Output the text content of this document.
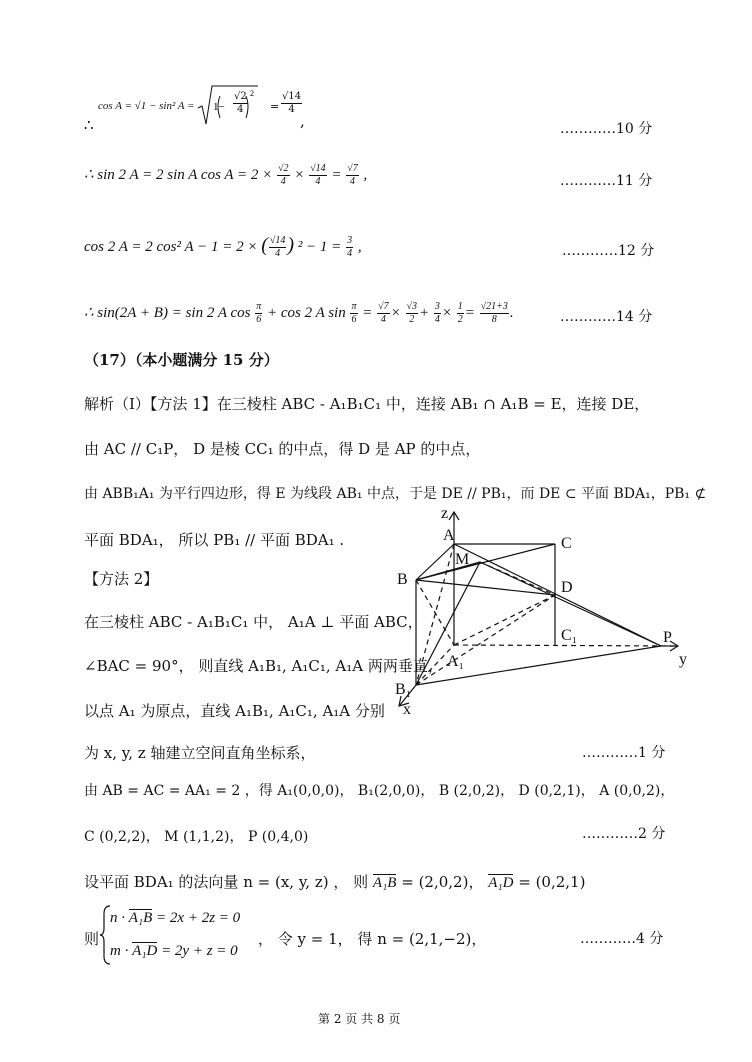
∴
cos A = √1 − sin² A =	$\frac{√2}{4} = \frac{√14}{4}$
,
2
1−
…………10 分
∴ sin 2 A = 2 sin A $\cos A = 2 \times \frac{√2}{4} \times \frac{√14}{4} = \frac{√7}{4}$ ,	…………11 分
cos 2 A = 2 cos² A − 1 = 2 × ( $\frac{√14}{4}$ ) $^2 - 1 = \frac{3}{4}$ ,	…………12 分
∴ sin(2A + B) = sin 2 A $\cos \frac{\pi}{6} + \cos 2$ A $\sin \frac{\pi}{6} = \frac{√7}{4} \times \frac{√3}{2} + \frac{3}{4} \times \frac{1}{2} = \frac{√21+3}{8}$ .	…………14 分
（17）（本小题满分 15 分）
解析（Ⅰ）【方法 1】在三棱柱 ABC - A₁B₁C₁ 中，连接 AB₁ ∩ A₁B = E，连接 DE，
由 AC // C₁P， D 是棱 CC₁ 的中点，得 D 是 AP 的中点，
由 ABB₁A₁ 为平行四边形，得 E 为线段 AB₁ 中点，于是 DE // PB₁，而 DE ⊂ 平面 BDA₁，PB₁ ⊄
平面 BDA₁， 所以 PB₁ // 平面 BDA₁ .
【方法 2】
在三棱柱 ABC - A₁B₁C₁ 中， A₁A ⊥ 平面 ABC，
∠BAC = 90°， 则直线 A₁B₁, A₁C₁, A₁A 两两垂直，
以点 A₁ 为原点，直线 A₁B₁, A₁C₁, A₁A 分别
为 x, y, z 轴建立空间直角坐标系，	…………1 分
由 AB = AC = AA₁ = 2 ，得 A₁(0,0,0)， B₁(2,0,0)， B (2,0,2)， D (0,2,1)， A (0,0,2)，
C (0,2,2)， M (1,1,2)， P (0,4,0)	…………2 分
设平面 BDA₁ 的法向量 n = (x, y, z) ， 则 A₁B = (2,0,2)， A₁D = (0,2,1)
则
n · A₁B = 2x + 2z = 0
m · A₁D = 2y + z = 0
， 令 y = 1， 得 n = (2,1,−2)，	…………4 分
z
A
B
C
M
D
C₁
A₁
B₁
P
y
x
第 2 页 共 8 页
